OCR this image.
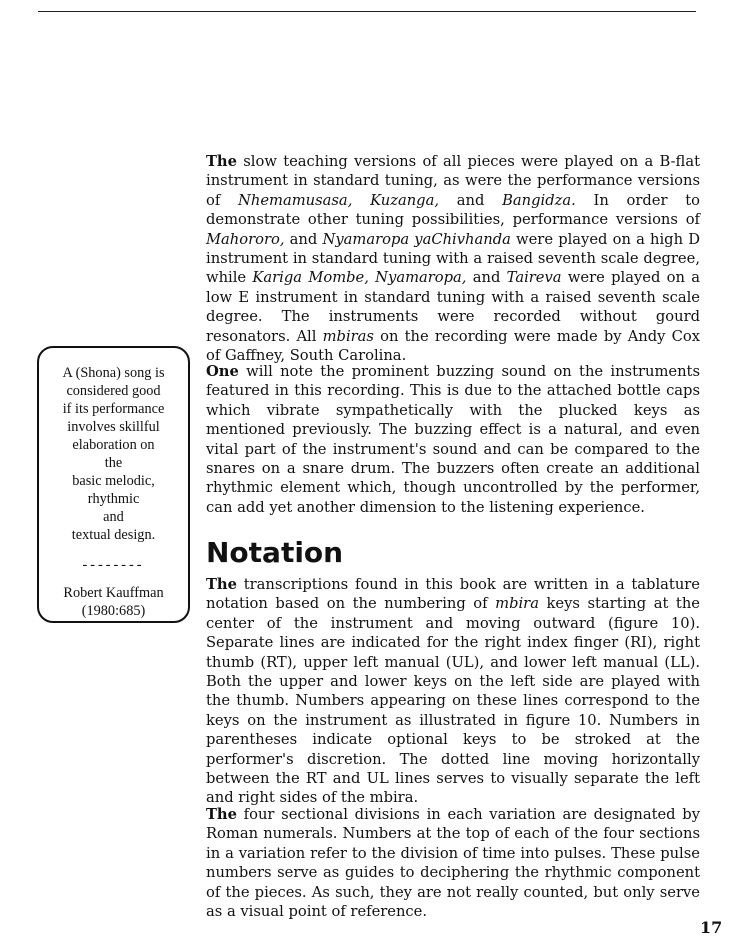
The slow teaching versions of all pieces were played on a B-flat instrument in standard tuning, as were the performance versions of Nhemamusasa, Kuzanga, and Bangidza. In order to demonstrate other tuning possibilities, performance versions of Mahororo, and Nyamaropa yaChivhanda were played on a high D instrument in standard tuning with a raised seventh scale degree, while Kariga Mombe, Nyamaropa, and Taireva were played on a low E instrument in standard tuning with a raised seventh scale degree. The instruments were recorded without gourd resonators. All mbiras on the recording were made by Andy Cox of Gaffney, South Carolina.

A (Shona) song is

considered good

if its performance

involves skillful

elaboration on

the

basic melodic,

rhythmic

and

textual design.

--------

Robert Kauffman

(1980:685)

One will note the prominent buzzing sound on the instruments featured in this recording. This is due to the attached bottle caps which vibrate sympathetically with the plucked keys as mentioned previously. The buzzing effect is a natural, and even vital part of the instrument's sound and can be compared to the snares on a snare drum. The buzzers often create an additional rhythmic element which, though uncontrolled by the performer, can add yet another dimension to the listening experience.

Notation

The transcriptions found in this book are written in a tablature notation based on the numbering of mbira keys starting at the center of the instrument and moving outward (figure 10). Separate lines are indicated for the right index finger (RI), right thumb (RT), upper left manual (UL), and lower left manual (LL). Both the upper and lower keys on the left side are played with the thumb. Numbers appearing on these lines correspond to the keys on the instrument as illustrated in figure 10. Numbers in parentheses indicate optional keys to be stroked at the performer's discretion. The dotted line moving horizontally between the RT and UL lines serves to visually separate the left and right sides of the mbira.

The four sectional divisions in each variation are designated by Roman numerals. Numbers at the top of each of the four sections in a variation refer to the division of time into pulses. These pulse numbers serve as guides to deciphering the rhythmic component of the pieces. As such, they are not really counted, but only serve as a visual point of reference.

17
